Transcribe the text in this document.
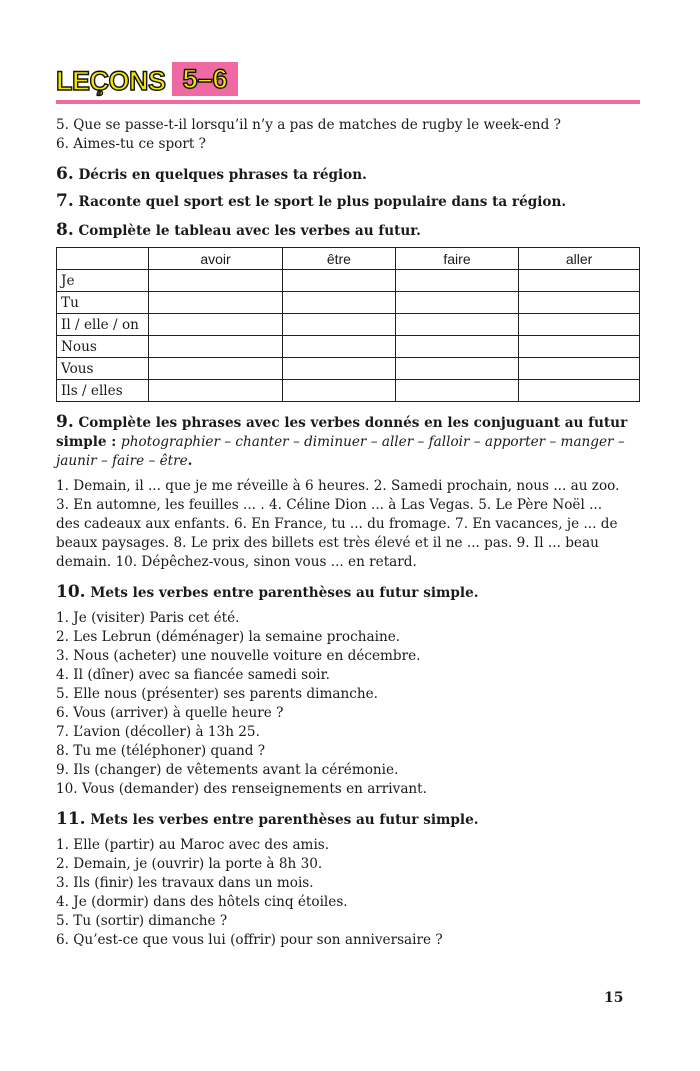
LEÇONS 5–6
5. Que se passe-t-il lorsqu’il n’y a pas de matches de rugby le week-end ?
6. Aimes-tu ce sport ?
6. Décris en quelques phrases ta région.
7. Raconte quel sport est le sport le plus populaire dans ta région.
8. Complète le tableau avec les verbes au futur.
	avoir	être	faire	aller
Je				
Tu				
Il / elle / on				
Nous				
Vous				
Ils / elles				
9. Complète les phrases avec les verbes donnés en les conjuguant au futur
simple : photographier – chanter – diminuer – aller – falloir – apporter – manger –
jaunir – faire – être.
1. Demain, il ... que je me réveille à 6 heures. 2. Samedi prochain, nous ... au zoo.
3. En automne, les feuilles ... . 4. Céline Dion ... à Las Vegas. 5. Le Père Noël ...
des cadeaux aux enfants. 6. En France, tu ... du fromage. 7. En vacances, je ... de
beaux paysages. 8. Le prix des billets est très élevé et il ne ... pas. 9. Il ... beau
demain. 10. Dépêchez-vous, sinon vous ... en retard.
10. Mets les verbes entre parenthèses au futur simple.
1. Je (visiter) Paris cet été.
2. Les Lebrun (déménager) la semaine prochaine.
3. Nous (acheter) une nouvelle voiture en décembre.
4. Il (dîner) avec sa fiancée samedi soir.
5. Elle nous (présenter) ses parents dimanche.
6. Vous (arriver) à quelle heure ?
7. L’avion (décoller) à 13h 25.
8. Tu me (téléphoner) quand ?
9. Ils (changer) de vêtements avant la cérémonie.
10. Vous (demander) des renseignements en arrivant.
11. Mets les verbes entre parenthèses au futur simple.
1. Elle (partir) au Maroc avec des amis.
2. Demain, je (ouvrir) la porte à 8h 30.
3. Ils (finir) les travaux dans un mois.
4. Je (dormir) dans des hôtels cinq étoiles.
5. Tu (sortir) dimanche ?
6. Qu’est-ce que vous lui (offrir) pour son anniversaire ?
15
